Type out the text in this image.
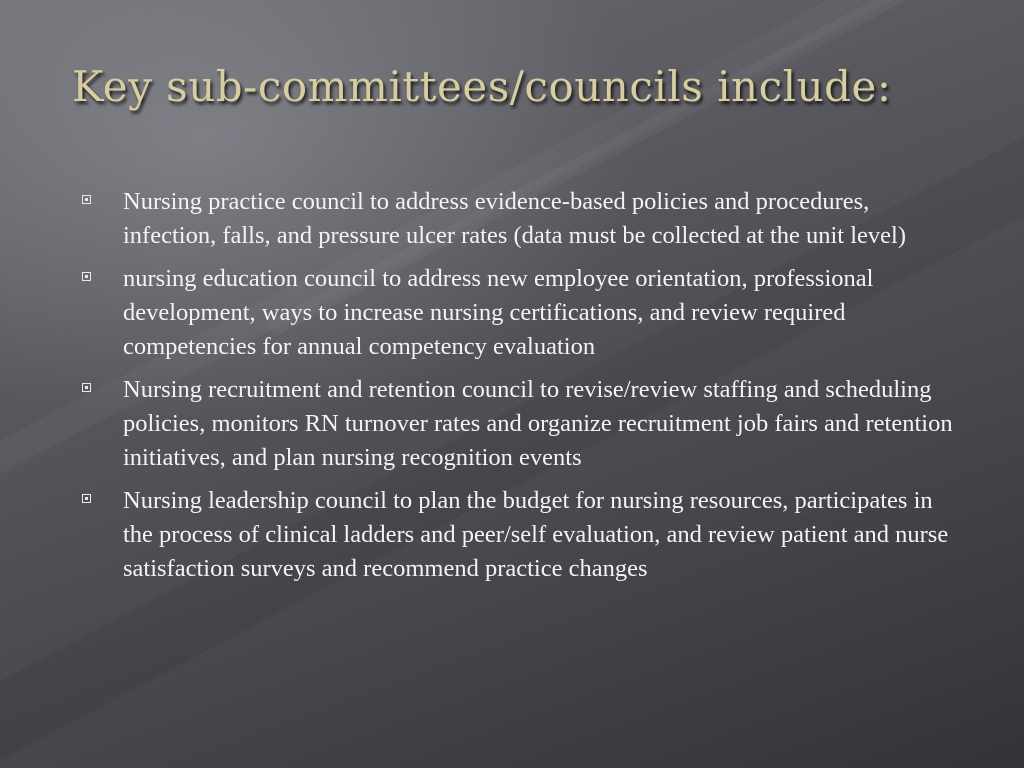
Key sub-committees/councils include:
Nursing practice council to address evidence-based policies and procedures, infection, falls, and pressure ulcer rates (data must be collected at the unit level)
nursing education council to address new employee orientation, professional development, ways to increase nursing certifications, and review required competencies for annual competency evaluation
Nursing recruitment and retention council to revise/review staffing and scheduling policies, monitors RN turnover rates and organize recruitment job fairs and retention initiatives, and plan nursing recognition events
Nursing leadership council to plan the budget for nursing resources, participates in the process of clinical ladders and peer/self evaluation, and review patient and nurse  satisfaction surveys and recommend practice changes
